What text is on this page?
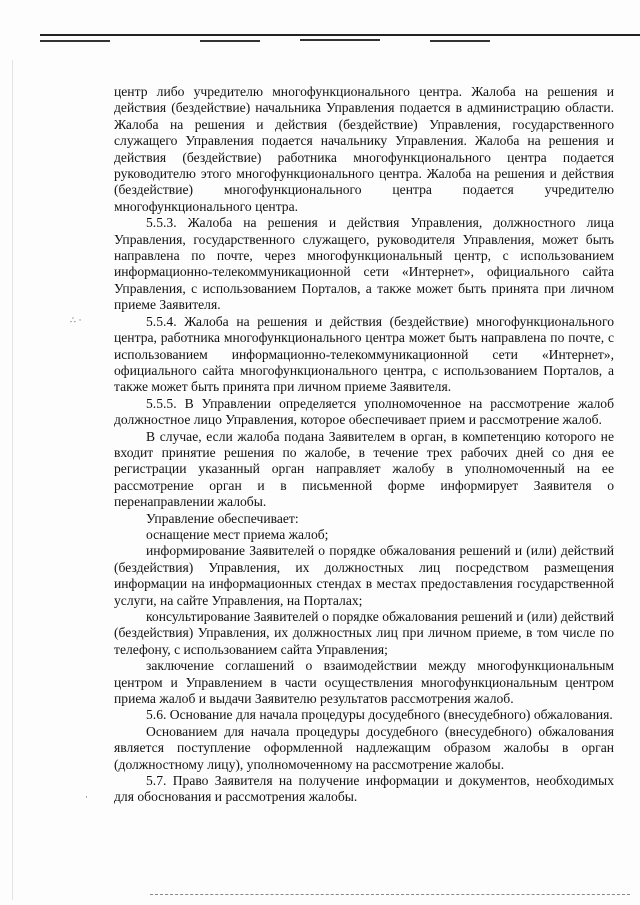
∴ ·
·

центр либо учредителю многофункционального центра. Жалоба на решения и действия (бездействие) начальника Управления подается в администрацию области. Жалоба на решения и действия (бездействие) Управления, государственного служащего Управления подается начальнику Управления. Жалоба на решения и действия (бездействие) работника многофункционального центра подается руководителю этого многофункционального центра. Жалоба на решения и действия (бездействие) многофункционального центра подается учредителю многофункционального центра.

5.5.3. Жалоба на решения и действия Управления, должностного лица Управления, государственного служащего, руководителя Управления, может быть направлена по почте, через многофункциональный центр, с использованием информационно-телекоммуникационной сети «Интернет», официального сайта Управления, с использованием Порталов, а также может быть принята при личном приеме Заявителя.

5.5.4. Жалоба на решения и действия (бездействие) многофункционального центра, работника многофункционального центра может быть направлена по почте, с использованием информационно-телекоммуникационной сети «Интернет», официального сайта многофункционального центра, с использованием Порталов, а также может быть принята при личном приеме Заявителя.

5.5.5. В Управлении определяется уполномоченное на рассмотрение жалоб должностное лицо Управления, которое обеспечивает прием и рассмотрение жалоб.

В случае, если жалоба подана Заявителем в орган, в компетенцию которого не входит принятие решения по жалобе, в течение трех рабочих дней со дня ее регистрации указанный орган направляет жалобу в уполномоченный на ее рассмотрение орган и в письменной форме информирует Заявителя о перенаправлении жалобы.

Управление обеспечивает:

оснащение мест приема жалоб;

информирование Заявителей о порядке обжалования решений и (или) действий (бездействия) Управления, их должностных лиц посредством размещения информации на информационных стендах в местах предоставления государственной услуги, на сайте Управления, на Порталах;

консультирование Заявителей о порядке обжалования решений и (или) действий (бездействия) Управления, их должностных лиц при личном приеме, в том числе по телефону, с использованием сайта Управления;

заключение соглашений о взаимодействии между многофункциональным центром и Управлением в части осуществления многофункциональным центром приема жалоб и выдачи Заявителю результатов рассмотрения жалоб.

5.6. Основание для начала процедуры досудебного (внесудебного) обжалования.

Основанием для начала процедуры досудебного (внесудебного) обжалования является поступление оформленной надлежащим образом жалобы в орган (должностному лицу), уполномоченному на рассмотрение жалобы.

5.7. Право Заявителя на получение информации и документов, необходимых для обоснования и рассмотрения жалобы.
